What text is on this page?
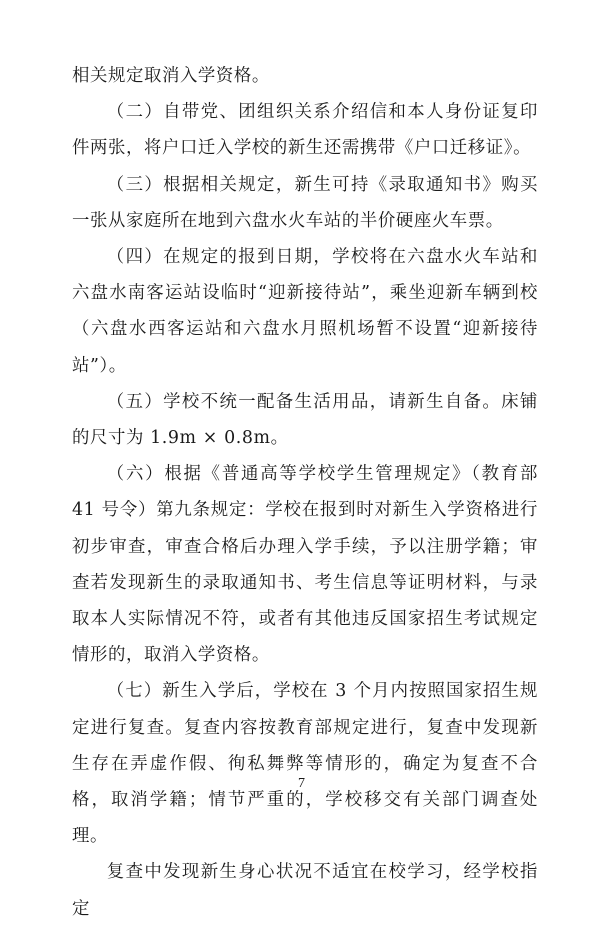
相关规定取消入学资格。

（二）自带党、团组织关系介绍信和本人身份证复印件两张，将户口迁入学校的新生还需携带《户口迁移证》。

（三）根据相关规定，新生可持《录取通知书》购买一张从家庭所在地到六盘水火车站的半价硬座火车票。

（四）在规定的报到日期，学校将在六盘水火车站和六盘水南客运站设临时“迎新接待站”，乘坐迎新车辆到校（六盘水西客运站和六盘水月照机场暂不设置“迎新接待站”）。

（五）学校不统一配备生活用品，请新生自备。床铺的尺寸为 1.9m × 0.8m。

（六）根据《普通高等学校学生管理规定》（教育部 41 号令）第九条规定：学校在报到时对新生入学资格进行初步审查，审查合格后办理入学手续，予以注册学籍；审查若发现新生的录取通知书、考生信息等证明材料，与录取本人实际情况不符，或者有其他违反国家招生考试规定情形的，取消入学资格。

（七）新生入学后，学校在 3 个月内按照国家招生规定进行复查。复查内容按教育部规定进行，复查中发现新生存在弄虚作假、徇私舞弊等情形的，确定为复查不合格，取消学籍；情节严重的，学校移交有关部门调查处理。

复查中发现新生身心状况不适宜在校学习，经学校指定

7
